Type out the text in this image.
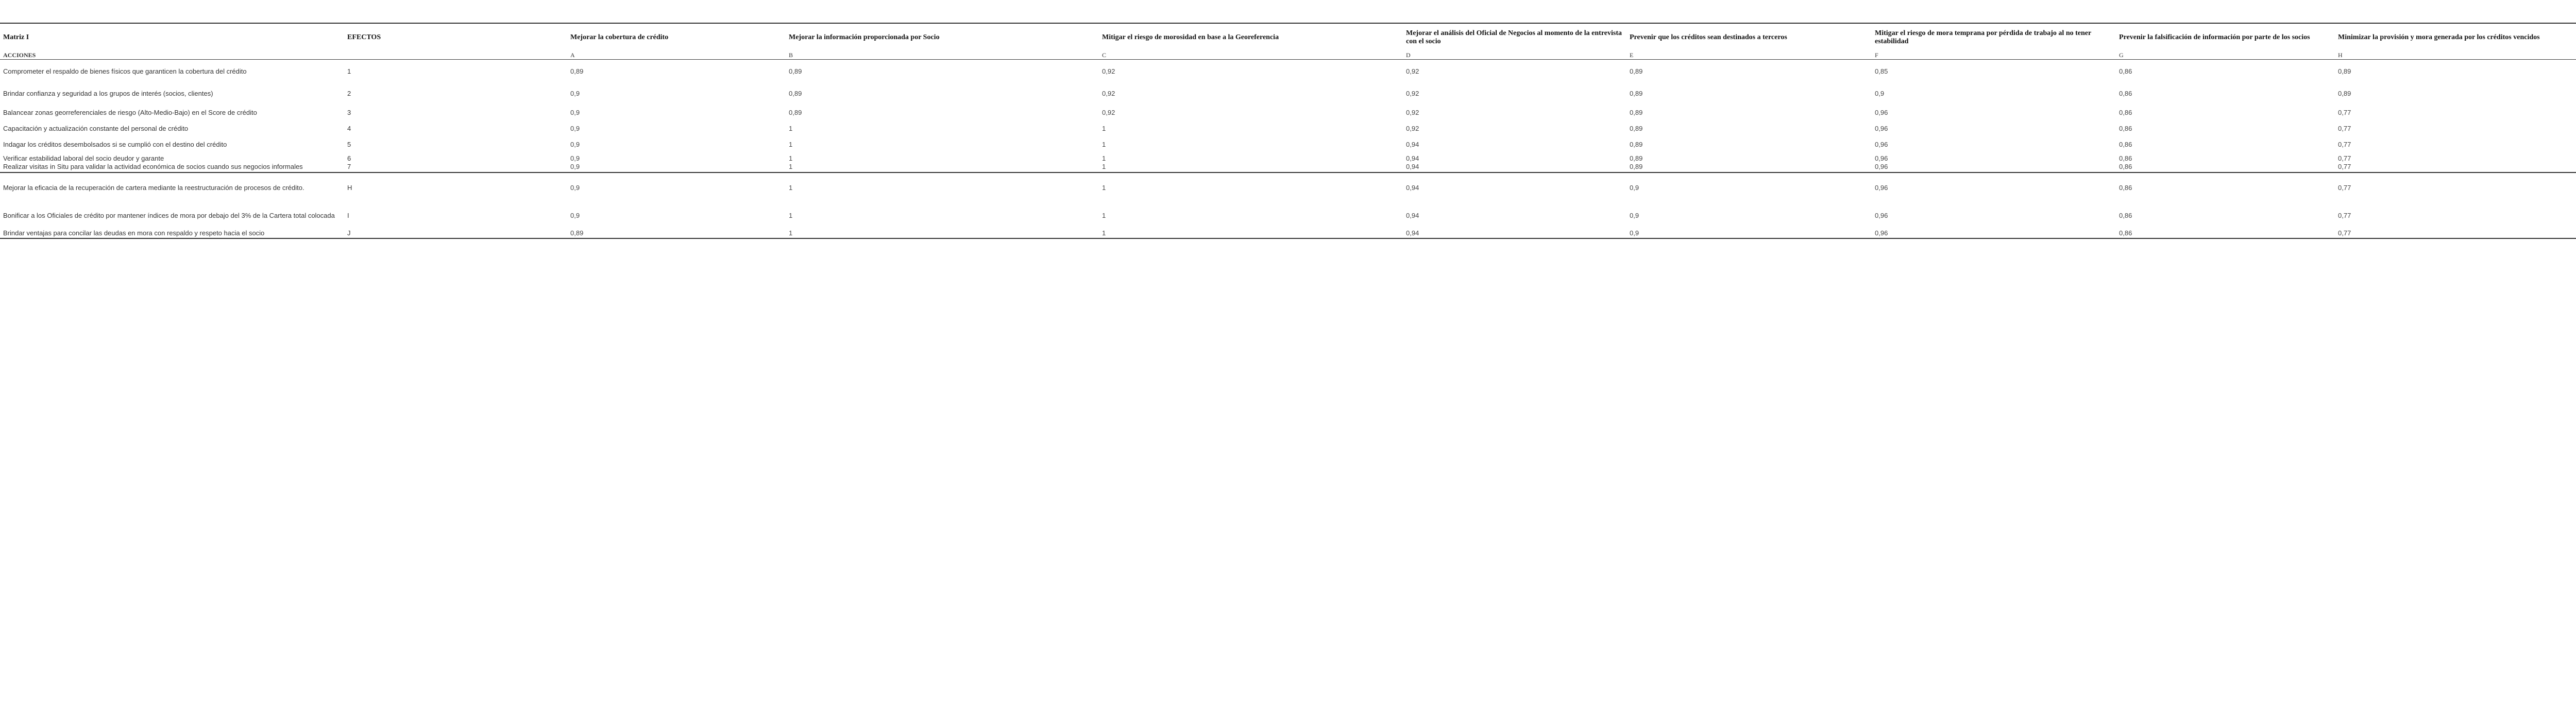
Matriz I	EFECTOS	Mejorar la cobertura de crédito	Mejorar la información proporcionada por Socio	Mitigar el riesgo de morosidad en base a la Georeferencia	Mejorar el análisis del Oficial de Negocios al momento de la entrevista con el socio	Prevenir que los créditos sean destinados a terceros	Mitigar el riesgo de mora temprana por pérdida de trabajo al no tener estabilidad	Prevenir la falsificación de información por parte de los socios	Minimizar la provisión y mora generada por los créditos vencidos		
ACCIONES		A	B	C	D	E	F	G	H		
Comprometer el respaldo de bienes físicos que garanticen la cobertura del crédito	1	0,89	0,89	0,92	0,92	0,89	0,85	0,86	0,89		
Brindar confianza y seguridad a los grupos de interés (socios, clientes)	2	0,9	0,89	0,92	0,92	0,89	0,9	0,86	0,89		
Balancear zonas georreferenciales de riesgo (Alto-Medio-Bajo) en el Score de crédito	3	0,9	0,89	0,92	0,92	0,89	0,96	0,86	0,77		
Capacitación y actualización constante del personal de crédito	4	0,9	1	1	0,92	0,89	0,96	0,86	0,77		
Indagar los créditos desembolsados si se cumplió con el destino del crédito	5	0,9	1	1	0,94	0,89	0,96	0,86	0,77		
Verificar estabilidad laboral del socio deudor y garante	6	0,9	1	1	0,94	0,89	0,96	0,86	0,77		
Realizar visitas in Situ para validar la actividad económica de socios cuando sus negocios informales	7	0,9	1	1	0,94	0,89	0,96	0,86	0,77		
Mejorar la eficacia de la recuperación de cartera mediante la reestructuración de procesos de crédito.	H	0,9	1	1	0,94	0,9	0,96	0,86	0,77		
Bonificar a los Oficiales de crédito por mantener índices de mora por debajo del 3% de la Cartera total colocada	I	0,9	1	1	0,94	0,9	0,96	0,86	0,77		
Brindar ventajas para concilar las deudas en mora con respaldo y respeto hacia el socio	J	0,89	1	1	0,94	0,9	0,96	0,86	0,77		
